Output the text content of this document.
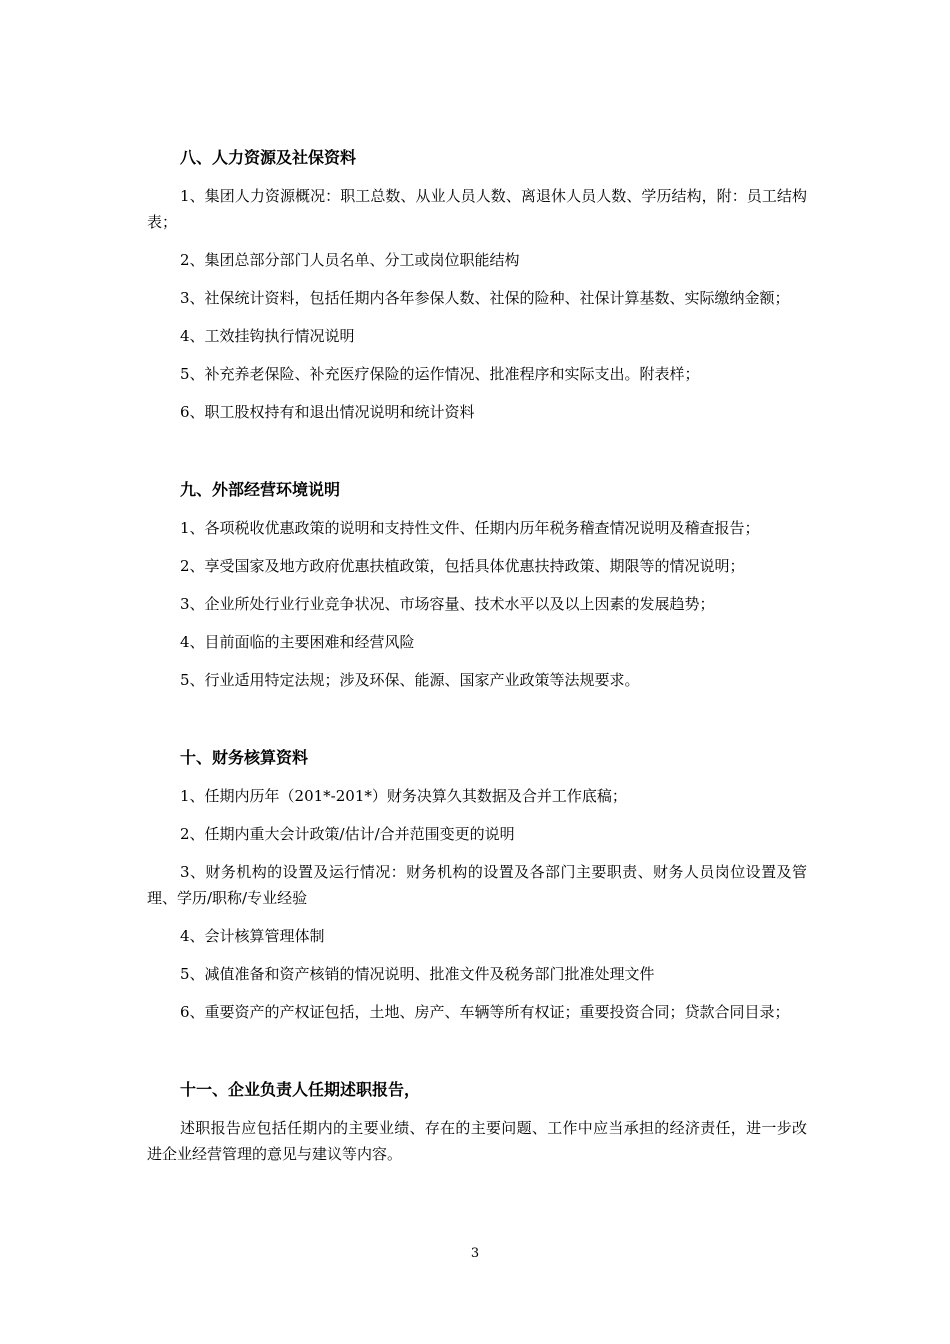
八、人力资源及社保资料

1、集团人力资源概况：职工总数、从业人员人数、离退休人员人数、学历结构，附：员工结构表；

2、集团总部分部门人员名单、分工或岗位职能结构

3、社保统计资料，包括任期内各年参保人数、社保的险种、社保计算基数、实际缴纳金额；

4、工效挂钩执行情况说明

5、补充养老保险、补充医疗保险的运作情况、批准程序和实际支出。附表样；

6、职工股权持有和退出情况说明和统计资料

九、外部经营环境说明

1、各项税收优惠政策的说明和支持性文件、任期内历年税务稽查情况说明及稽查报告；

2、享受国家及地方政府优惠扶植政策，包括具体优惠扶持政策、期限等的情况说明；

3、企业所处行业行业竞争状况、市场容量、技术水平以及以上因素的发展趋势；

4、目前面临的主要困难和经营风险

5、行业适用特定法规；涉及环保、能源、国家产业政策等法规要求。

十、财务核算资料

1、任期内历年（201*-201*）财务决算久其数据及合并工作底稿；

2、任期内重大会计政策/估计/合并范围变更的说明

3、财务机构的设置及运行情况：财务机构的设置及各部门主要职责、财务人员岗位设置及管理、学历/职称/专业经验

4、会计核算管理体制

5、减值准备和资产核销的情况说明、批准文件及税务部门批准处理文件

6、重要资产的产权证包括，土地、房产、车辆等所有权证；重要投资合同；贷款合同目录；

十一、企业负责人任期述职报告，

述职报告应包括任期内的主要业绩、存在的主要问题、工作中应当承担的经济责任，进一步改进企业经营管理的意见与建议等内容。

3
